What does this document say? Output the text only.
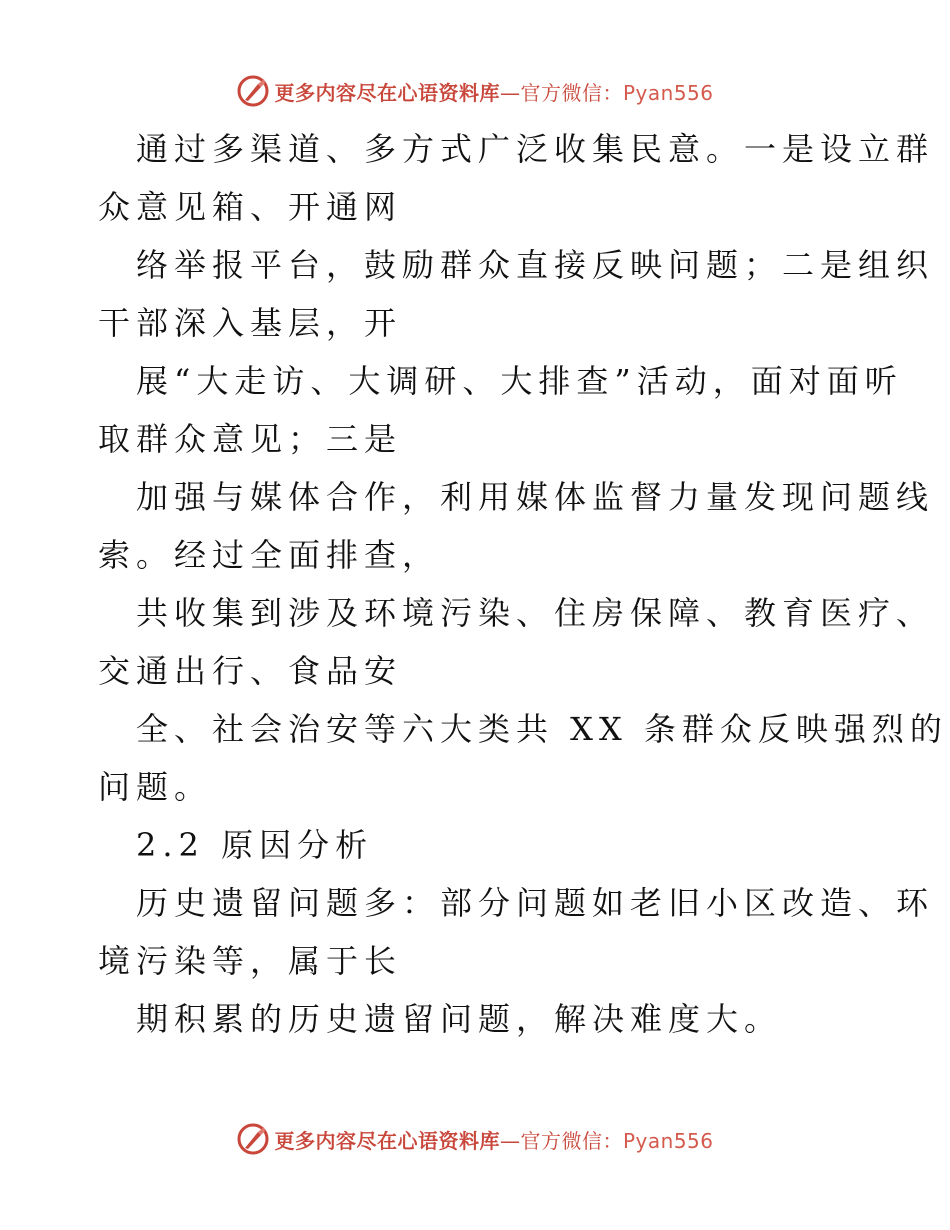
更多内容尽在心语资料库—官方微信：Pyan556
通过多渠道、多方式广泛收集民意。一是设立群
众意见箱、开通网
络举报平台，鼓励群众直接反映问题；二是组织
干部深入基层，开
展“大走访、大调研、大排查”活动，面对面听
取群众意见；三是
加强与媒体合作，利用媒体监督力量发现问题线
索。经过全面排查，
共收集到涉及环境污染、住房保障、教育医疗、
交通出行、食品安
全、社会治安等六大类共 XX 条群众反映强烈的
问题。
2.2 原因分析
历史遗留问题多：部分问题如老旧小区改造、环
境污染等，属于长
期积累的历史遗留问题，解决难度大。
更多内容尽在心语资料库—官方微信：Pyan556
